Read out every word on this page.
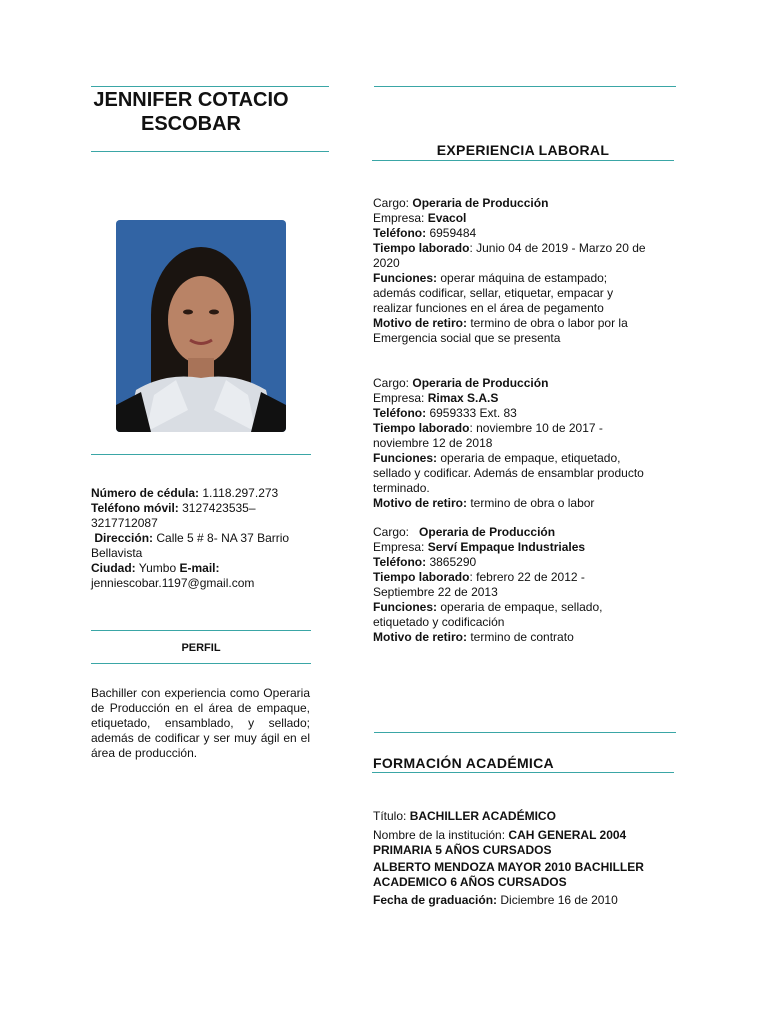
JENNIFER COTACIO
ESCOBAR
Número de cédula: 1.118.297.273
Teléfono móvil: 3127423535–
3217712087
Dirección: Calle 5 # 8- NA 37 Barrio
Bellavista
Ciudad: Yumbo E-mail:
jenniescobar.1197@gmail.com
PERFIL
Bachiller con experiencia como Operaria de Producción en el área de empaque, etiquetado, ensamblado, y sellado; además de codificar y ser muy ágil en el área de producción.
EXPERIENCIA LABORAL
Cargo: Operaria de Producción
Empresa: Evacol
Teléfono: 6959484
Tiempo laborado: Junio 04 de 2019 - Marzo 20 de
2020
Funciones: operar máquina de estampado;
además codificar, sellar, etiquetar, empacar y
realizar funciones en el área de pegamento
Motivo de retiro: termino de obra o labor por la
Emergencia social que se presenta
Cargo: Operaria de Producción
Empresa: Rimax S.A.S
Teléfono: 6959333 Ext. 83
Tiempo laborado: noviembre 10 de 2017 -
noviembre 12 de 2018
Funciones: operaria de empaque, etiquetado,
sellado y codificar. Además de ensamblar producto
terminado.
Motivo de retiro: termino de obra o labor
Cargo:   Operaria de Producción
Empresa: Serví Empaque Industriales
Teléfono: 3865290
Tiempo laborado: febrero 22 de 2012 -
Septiembre 22 de 2013
Funciones: operaria de empaque, sellado,
etiquetado y codificación
Motivo de retiro: termino de contrato
FORMACIÓN ACADÉMICA
Título: BACHILLER ACADÉMICO
Nombre de la institución: CAH GENERAL 2004
PRIMARIA 5 AÑOS CURSADOS
ALBERTO MENDOZA MAYOR 2010 BACHILLER
ACADEMICO 6 AÑOS CURSADOS
Fecha de graduación: Diciembre 16 de 2010
